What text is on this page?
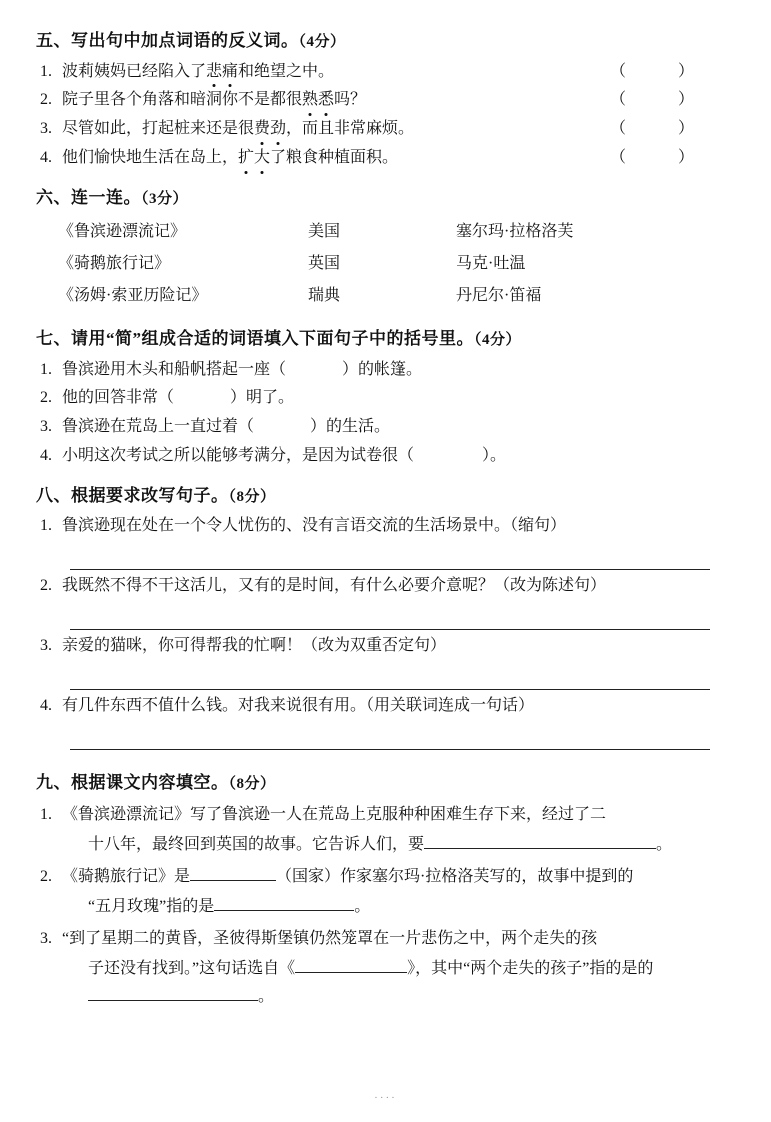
五、写出句中加点词语的反义词。（4分）
1. 波莉姨妈已经陷入了悲痛和绝望之中。	（	）
2. 院子里各个角落和暗洞你不是都很熟悉吗？	（	）
3. 尽管如此，打起桩来还是很费劲，而且非常麻烦。	（	）
4. 他们愉快地生活在岛上，扩大了粮食种植面积。	（	）
六、连一连。（3分）
《鲁滨逊漂流记》	美国	塞尔玛·拉格洛芙
《骑鹅旅行记》	英国	马克·吐温
《汤姆·索亚历险记》	瑞典	丹尼尔·笛福
七、请用“简”组成合适的词语填入下面句子中的括号里。（4分）
1. 鲁滨逊用木头和船帆搭起一座（	）的帐篷。
2. 他的回答非常（	）明了。
3. 鲁滨逊在荒岛上一直过着（	）的生活。
4. 小明这次考试之所以能够考满分，是因为试卷很（	）。
八、根据要求改写句子。（8分）
1. 鲁滨逊现在处在一个令人忧伤的、没有言语交流的生活场景中。（缩句）
2. 我既然不得不干这活儿，又有的是时间，有什么必要介意呢？（改为陈述句）
3. 亲爱的猫咪，你可得帮我的忙啊！（改为双重否定句）
4. 有几件东西不值什么钱。对我来说很有用。（用关联词连成一句话）
九、根据课文内容填空。（8分）
1. 《鲁滨逊漂流记》写了鲁滨逊一人在荒岛上克服种种困难生存下来，经过了二
十八年，最终回到英国的故事。它告诉人们，要	。
2. 《骑鹅旅行记》是	（国家）作家塞尔玛·拉格洛芙写的，故事中提到的
“五月玫瑰”指的是	。
3. “到了星期二的黄昏，圣彼得斯堡镇仍然笼罩在一片悲伤之中，两个走失的孩
子还没有找到。”这句话选自《	》，其中“两个走失的孩子”指的是的
。
····
